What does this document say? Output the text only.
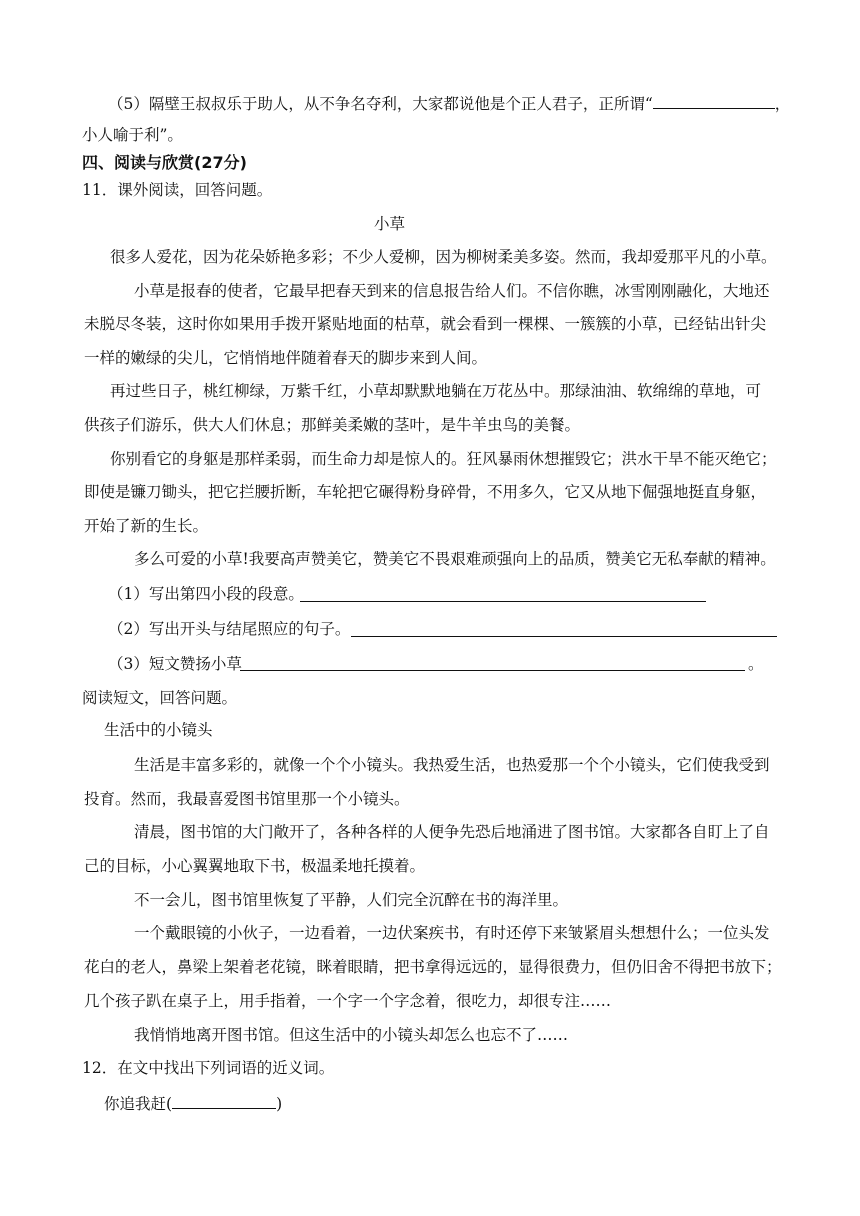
（5）隔壁王叔叔乐于助人，从不争名夺利，大家都说他是个正人君子，正所谓“	，
小人喻于利”。
四、阅读与欣赏(27分)
11．课外阅读，回答问题。
小草
很多人爱花，因为花朵娇艳多彩；不少人爱柳，因为柳树柔美多姿。然而，我却爱那平凡的小草。
小草是报春的使者，它最早把春天到来的信息报告给人们。不信你瞧，冰雪刚刚融化，大地还
未脱尽冬装，这时你如果用手拨开紧贴地面的枯草，就会看到一棵棵、一簇簇的小草，已经钻出针尖
一样的嫩绿的尖儿，它悄悄地伴随着春天的脚步来到人间。
再过些日子，桃红柳绿，万紫千红，小草却默默地躺在万花丛中。那绿油油、软绵绵的草地，可
供孩子们游乐，供大人们休息；那鲜美柔嫩的茎叶，是牛羊虫鸟的美餐。
你别看它的身躯是那样柔弱，而生命力却是惊人的。狂风暴雨休想摧毁它；洪水干旱不能灭绝它；
即使是镰刀锄头，把它拦腰折断，车轮把它碾得粉身碎骨，不用多久，它又从地下倔强地挺直身躯，
开始了新的生长。
多么可爱的小草!我要高声赞美它，赞美它不畏艰难顽强向上的品质，赞美它无私奉献的精神。
（1）写出第四小段的段意。
（2）写出开头与结尾照应的句子。
（3）短文赞扬小草	。
阅读短文，回答问题。
生活中的小镜头
生活是丰富多彩的，就像一个个小镜头。我热爱生活，也热爱那一个个小镜头，它们使我受到
投育。然而，我最喜爱图书馆里那一个小镜头。
清晨，图书馆的大门敞开了，各种各样的人便争先恐后地涌进了图书馆。大家都各自盯上了自
己的目标，小心翼翼地取下书，极温柔地托摸着。
不一会儿，图书馆里恢复了平静，人们完全沉醉在书的海洋里。
一个戴眼镜的小伙子，一边看着，一边伏案疾书，有时还停下来皱紧眉头想想什么；一位头发
花白的老人，鼻梁上架着老花镜，眯着眼睛，把书拿得远远的，显得很费力，但仍旧舍不得把书放下；
几个孩子趴在桌子上，用手指着，一个字一个字念着，很吃力，却很专注……
我悄悄地离开图书馆。但这生活中的小镜头却怎么也忘不了……
12．在文中找出下列词语的近义词。
你追我赶(	)
